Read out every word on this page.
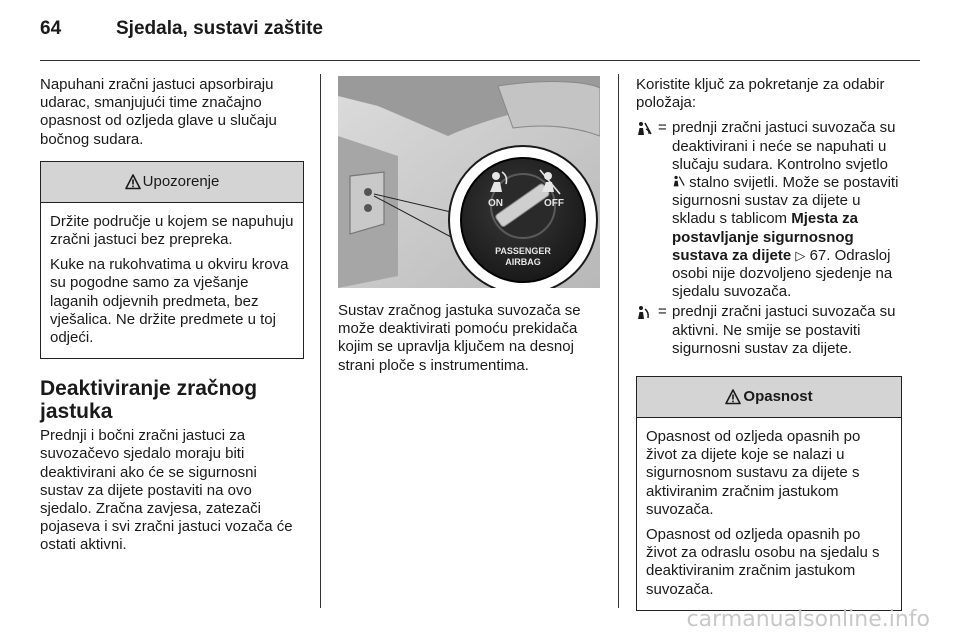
64	Sjedala, sustavi zaštite

Napuhani zračni jastuci apsorbiraju udarac, smanjujući time značajno opasnost od ozljeda glave u slučaju bočnog sudara.

Upozorenje

Držite područje u kojem se napuhuju zračni jastuci bez prepreka.

Kuke na rukohvatima u okviru krova su pogodne samo za vješanje laganih odjevnih predmeta, bez vješalica. Ne držite predmete u toj odjeći.

Deaktiviranje zračnog jastuka

Prednji i bočni zračni jastuci za suvozačevo sjedalo moraju biti deaktivirani ako će se sigurnosni sustav za dijete postaviti na ovo sjedalo. Zračna zavjesa, zatezači pojaseva i svi zračni jastuci vozača će ostati aktivni.

ON	OFF
PASSENGER
AIRBAG

Sustav zračnog jastuka suvozača se može deaktivirati pomoću prekidača kojim se upravlja ključem na desnoj strani ploče s instrumentima.

Koristite ključ za pokretanje za odabir položaja:

= prednji zračni jastuci suvozača su deaktivirani i neće se napuhati u slučaju sudara. Kontrolno svjetlo  stalno svijetli. Može se postaviti sigurnosni sustav za dijete u skladu s tablicom Mjesta za postavljanje sigurnosnog sustava za dijete ▷ 67. Odrasloj osobi nije dozvoljeno sjedenje na sjedalu suvozača.
= prednji zračni jastuci suvozača su aktivni. Ne smije se postaviti sigurnosni sustav za dijete.
Opasnost

Opasnost od ozljeda opasnih po život za dijete koje se nalazi u sigurnosnom sustavu za dijete s aktiviranim zračnim jastukom suvozača.

Opasnost od ozljeda opasnih po život za odraslu osobu na sjedalu s deaktiviranim zračnim jastukom suvozača.

carmanualsonline.info
